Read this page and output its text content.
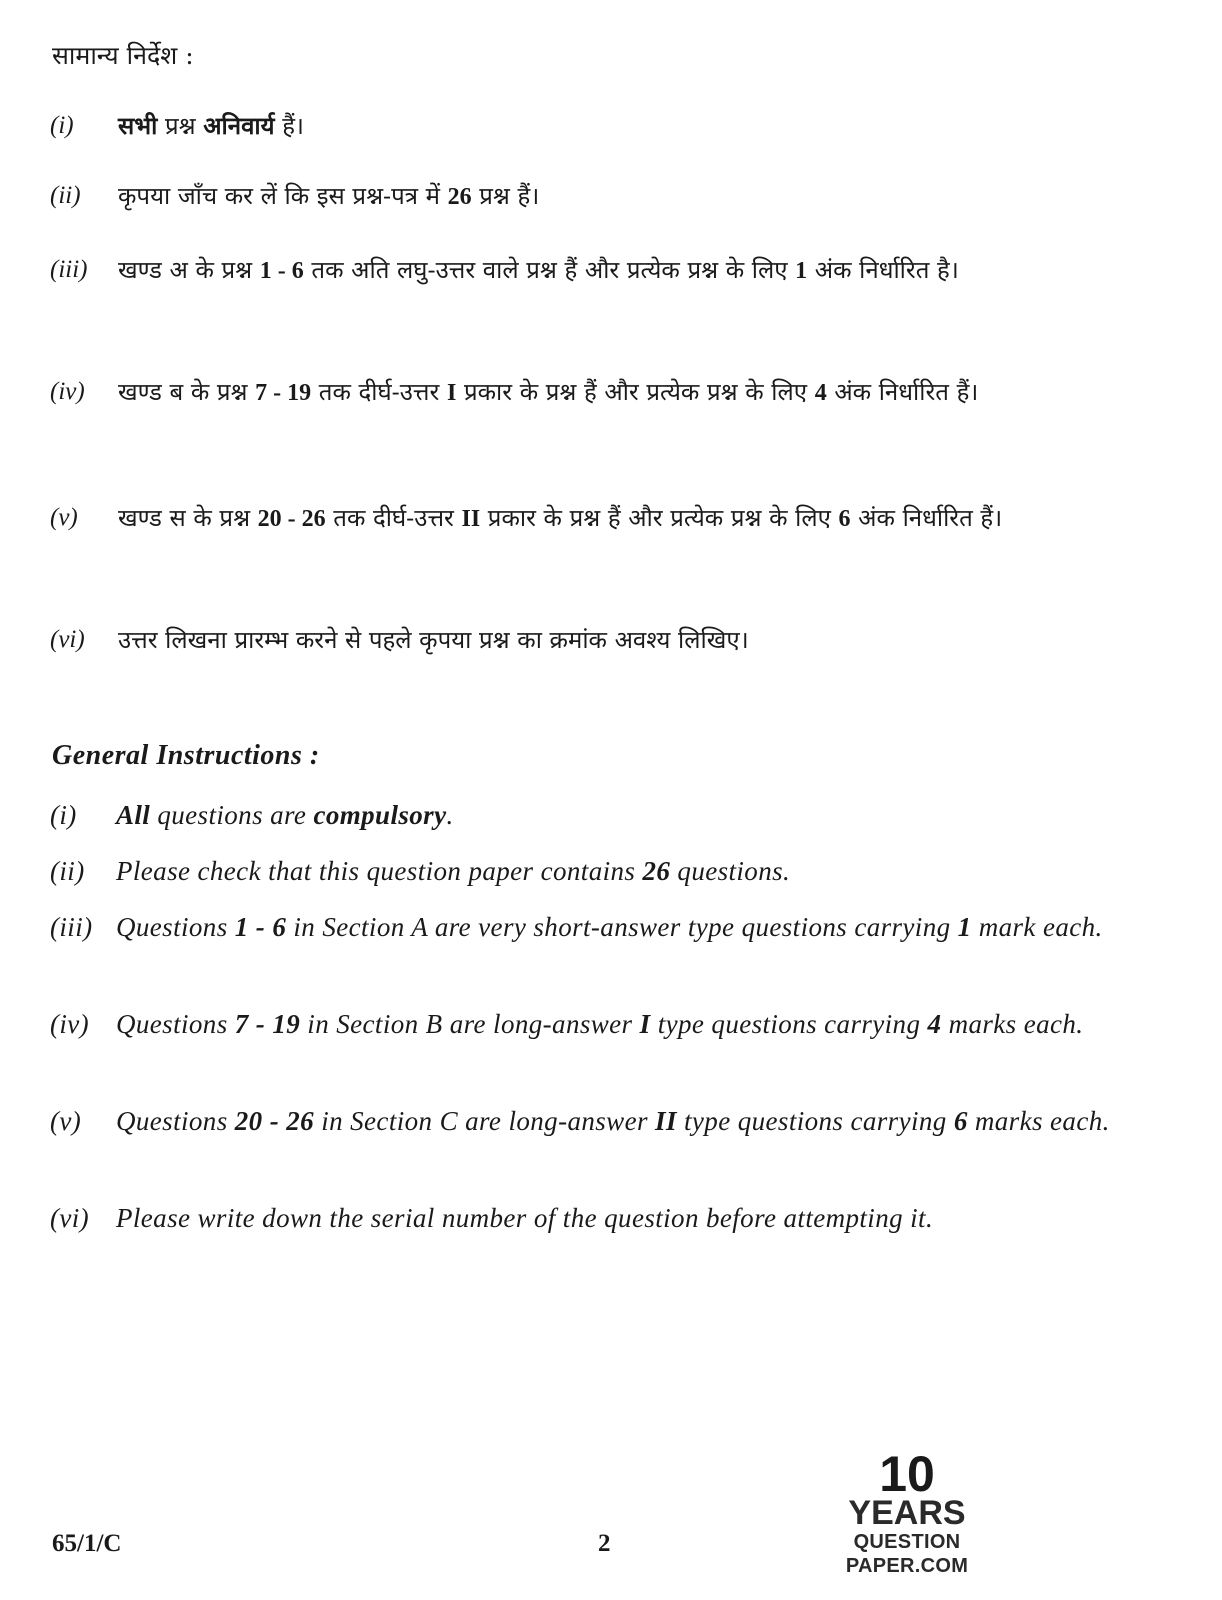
सामान्य निर्देश :
(i) सभी प्रश्न अनिवार्य हैं।
(ii) कृपया जाँच कर लें कि इस प्रश्न-पत्र में 26 प्रश्न हैं।
(iii) खण्ड अ के प्रश्न 1 - 6 तक अति लघु-उत्तर वाले प्रश्न हैं और प्रत्येक प्रश्न के लिए 1 अंक निर्धारित है।
(iv) खण्ड ब के प्रश्न 7 - 19 तक दीर्घ-उत्तर I प्रकार के प्रश्न हैं और प्रत्येक प्रश्न के लिए 4 अंक निर्धारित हैं।
(v) खण्ड स के प्रश्न 20 - 26 तक दीर्घ-उत्तर II प्रकार के प्रश्न हैं और प्रत्येक प्रश्न के लिए 6 अंक निर्धारित हैं।
(vi) उत्तर लिखना प्रारम्भ करने से पहले कृपया प्रश्न का क्रमांक अवश्य लिखिए।
General Instructions :
(i) All questions are compulsory.
(ii) Please check that this question paper contains 26 questions.
(iii) Questions 1 - 6 in Section A are very short-answer type questions carrying 1 mark each.
(iv) Questions 7 - 19 in Section B are long-answer I type questions carrying 4 marks each.
(v) Questions 20 - 26 in Section C are long-answer II type questions carrying 6 marks each.
(vi) Please write down the serial number of the question before attempting it.
10
YEARS
QUESTION PAPER.COM
65/1/C	2
